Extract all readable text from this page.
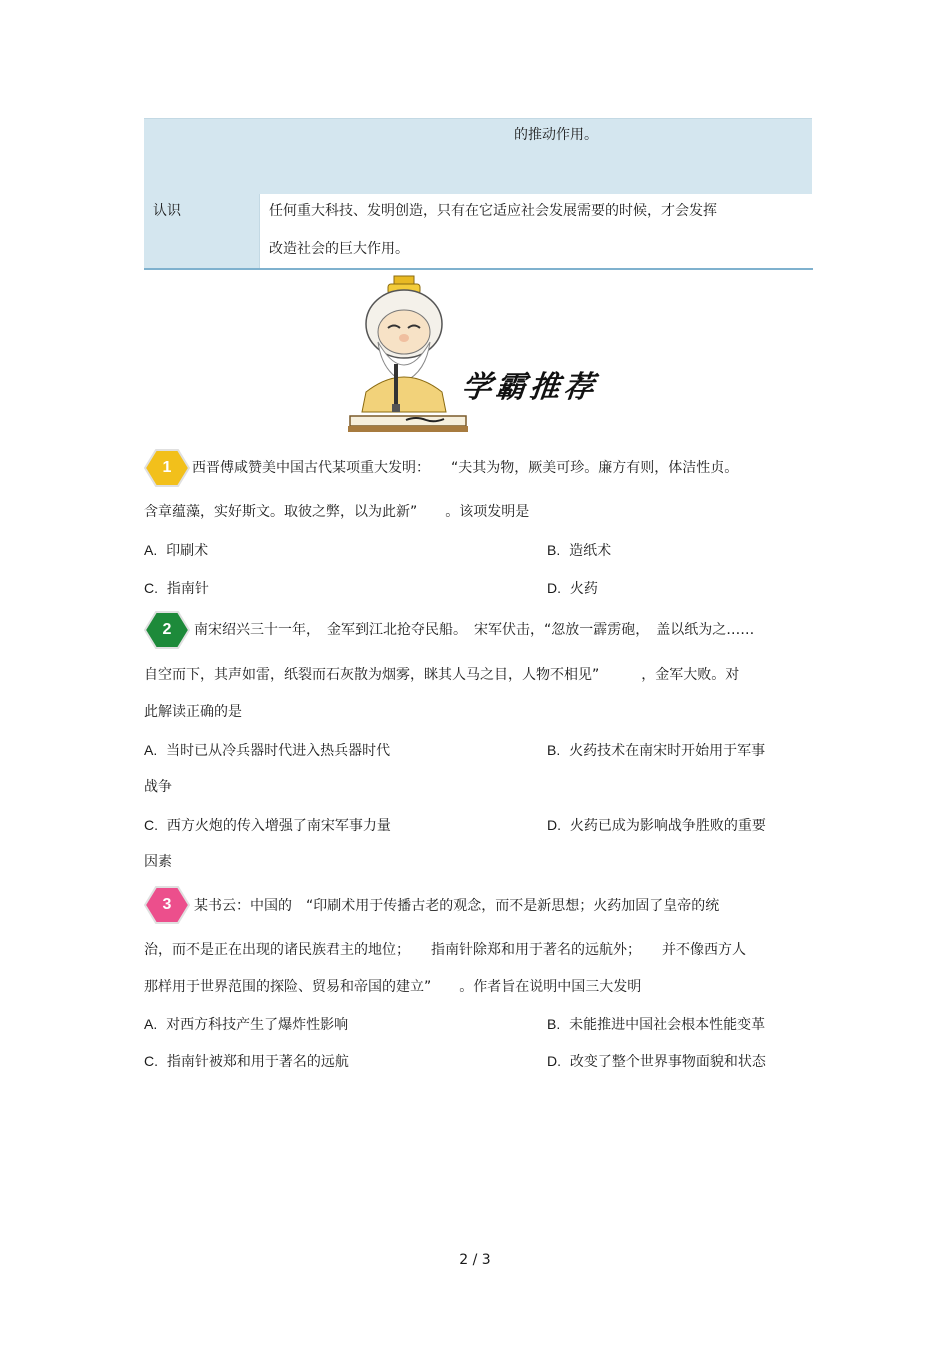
的推动作用。
认识	任何重大科技、发明创造，只有在它适应社会发展需要的时候，才会发挥
改造社会的巨大作用。
学霸推荐
1	西晋傅咸赞美中国古代某项重大发明：　　“夫其为物，厥美可珍。廉方有则，体洁性贞。
含章蕴藻，实好斯文。取彼之弊，以为此新”　　。该项发明是
A. 印刷术	B. 造纸术
C. 指南针	D. 火药
2	南宋绍兴三十一年，　金军到江北抢夺民船。　宋军伏击，“忽放一霹雳砲，　盖以纸为之……
自空而下，其声如雷，纸裂而石灰散为烟雾，眯其人马之目，人物不相见”　　　，金军大败。对
此解读正确的是
A. 当时已从冷兵器时代进入热兵器时代	B. 火药技术在南宋时开始用于军事
战争
C. 西方火炮的传入增强了南宋军事力量	D. 火药已成为影响战争胜败的重要
因素
3	某书云：中国的　“印刷术用于传播古老的观念，而不是新思想；火药加固了皇帝的统
治，而不是正在出现的诸民族君主的地位；　　指南针除郑和用于著名的远航外；　　并不像西方人
那样用于世界范围的探险、贸易和帝国的建立”　　。作者旨在说明中国三大发明
A. 对西方科技产生了爆炸性影响	B. 未能推进中国社会根本性能变革
C. 指南针被郑和用于著名的远航	D. 改变了整个世界事物面貌和状态
2 / 3
